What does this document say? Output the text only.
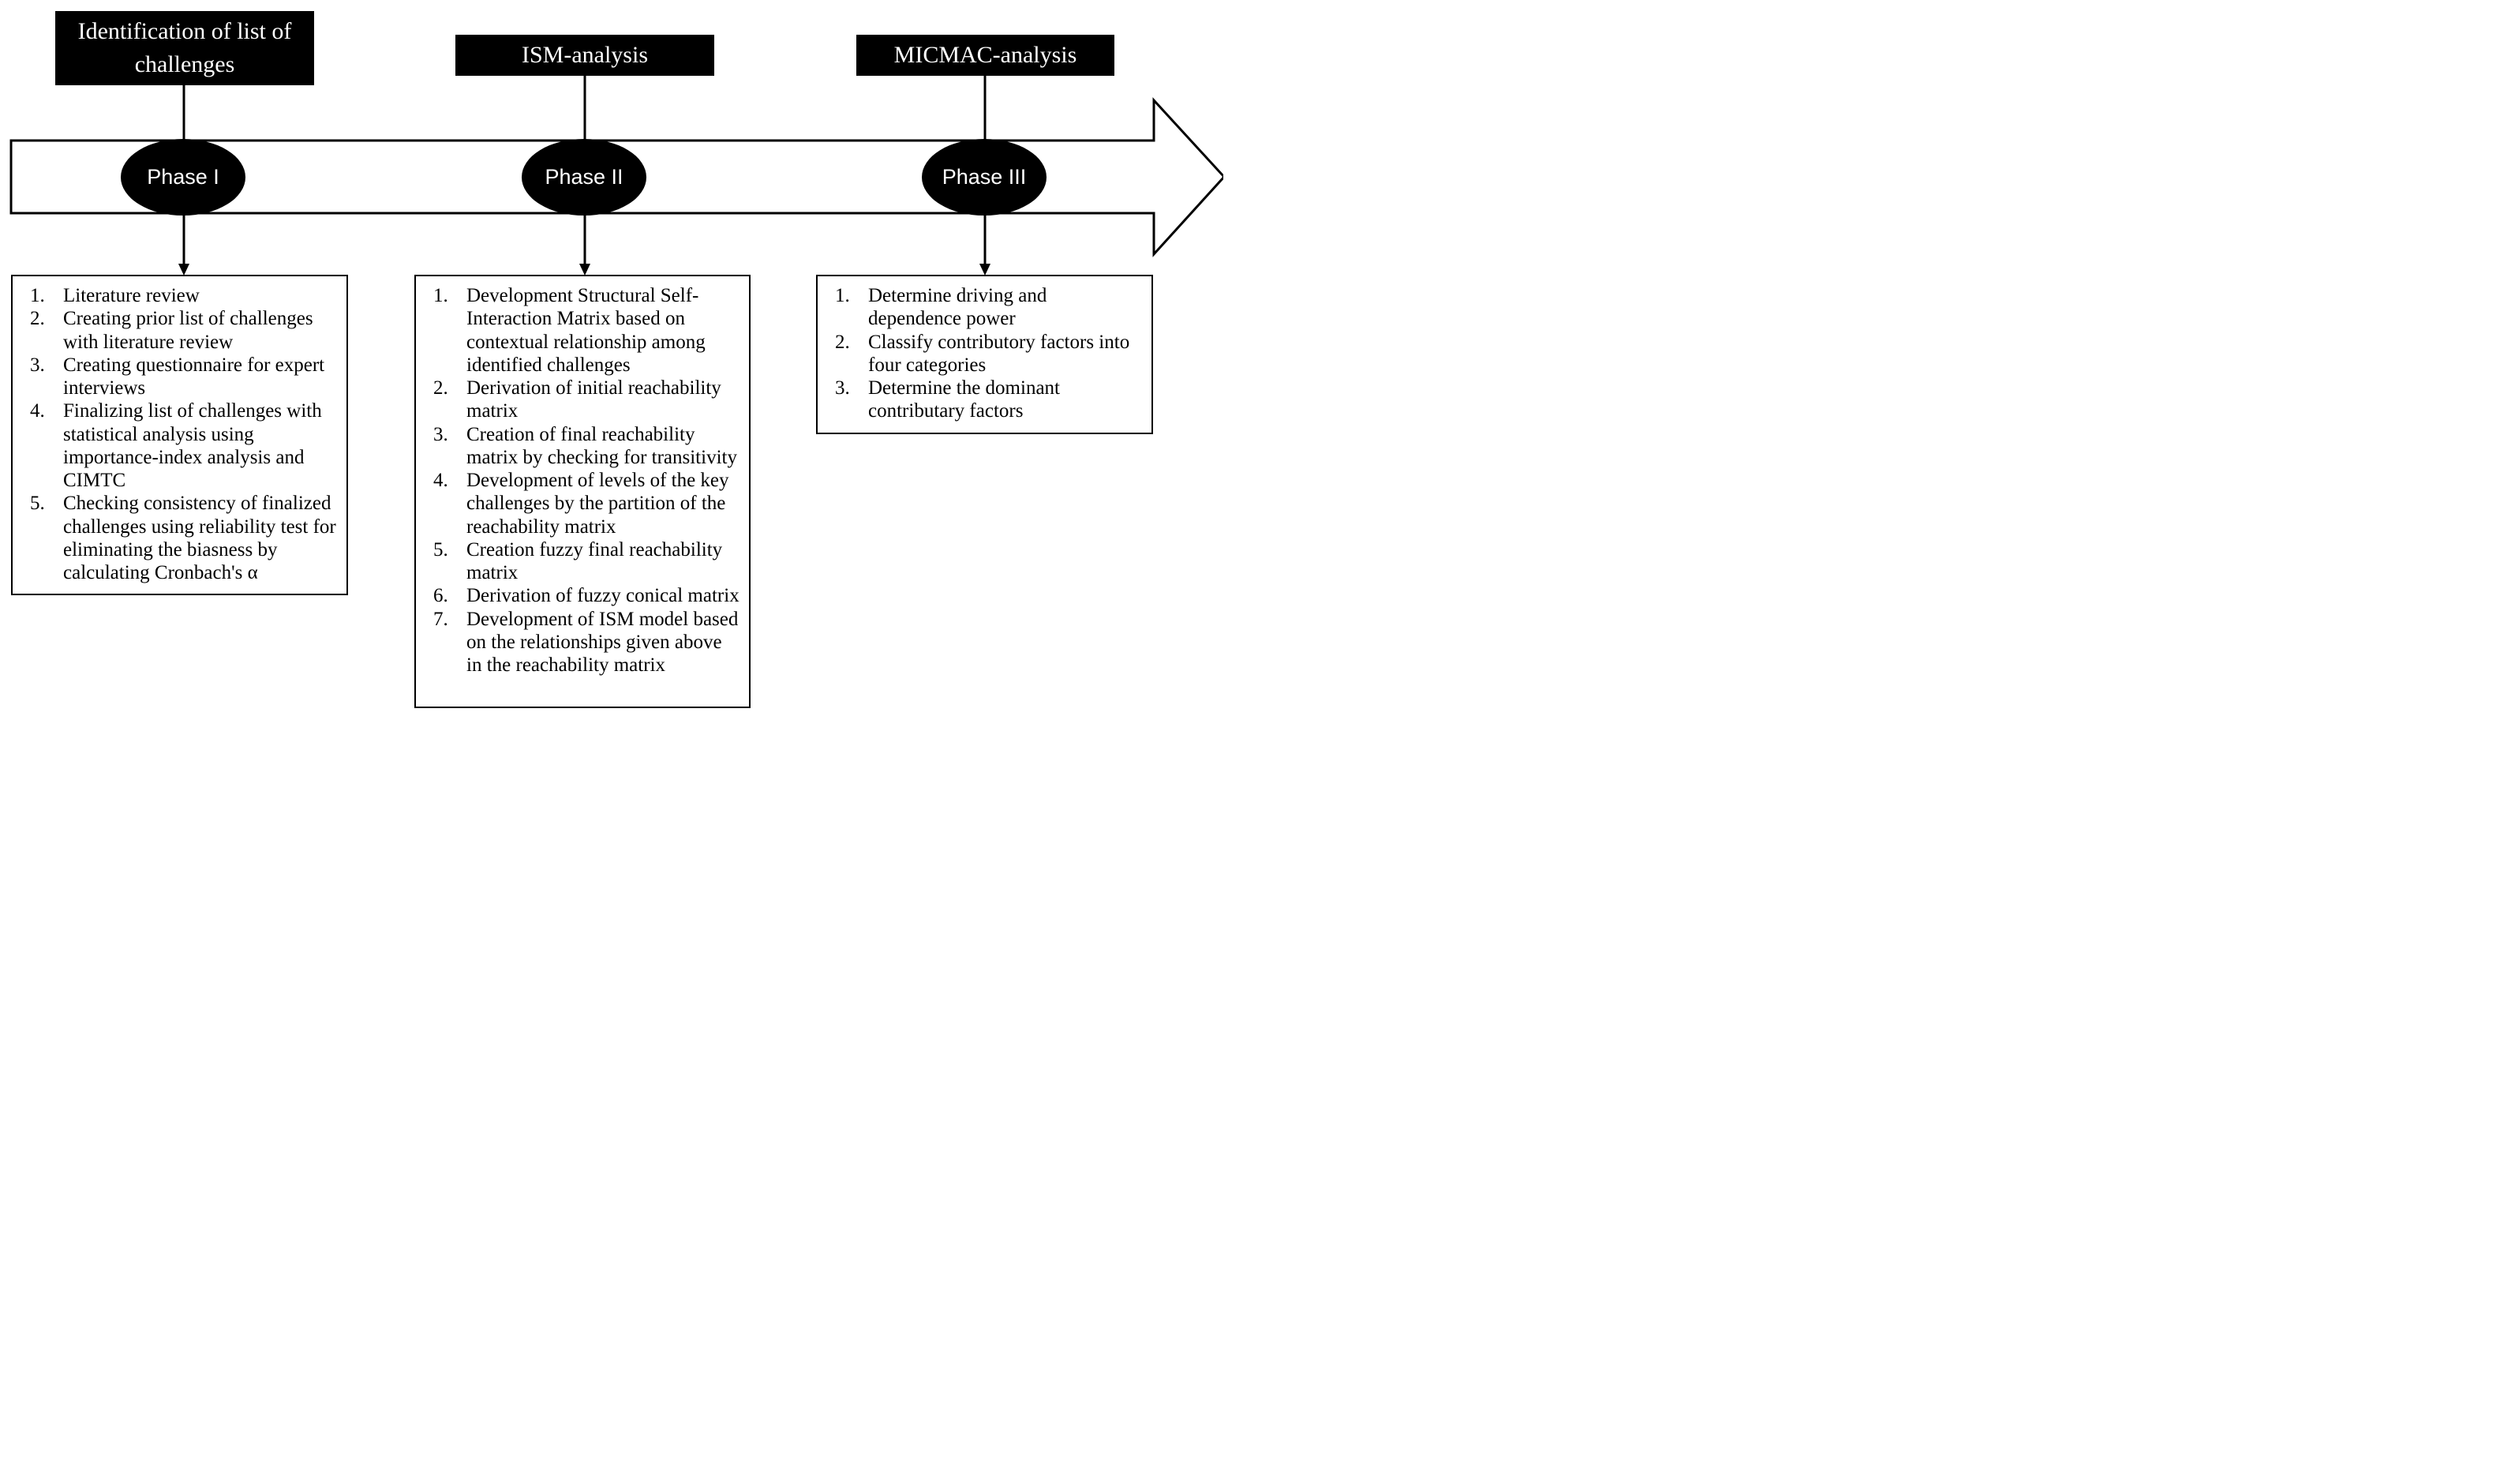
Identification of list of challenges	ISM-analysis	MICMAC-analysis
Phase I	Phase II	Phase III
1. Literature review
2. Creating prior list of challenges with literature review
3. Creating questionnaire for expert interviews
4. Finalizing list of challenges with statistical analysis using importance-index analysis and CIMTC
5. Checking consistency of finalized challenges using reliability test for eliminating the biasness by calculating Cronbach's α
1. Development Structural Self-Interaction Matrix based on contextual relationship among identified challenges
2. Derivation of initial reachability matrix
3. Creation of final reachability matrix by checking for transitivity
4. Development of levels of the key challenges by the partition of the reachability matrix
5. Creation fuzzy final reachability matrix
6. Derivation of fuzzy conical matrix
7. Development of ISM model based on the relationships given above in the reachability matrix
1. Determine driving and dependence power
2. Classify contributory factors into four categories
3. Determine the dominant contributary factors
